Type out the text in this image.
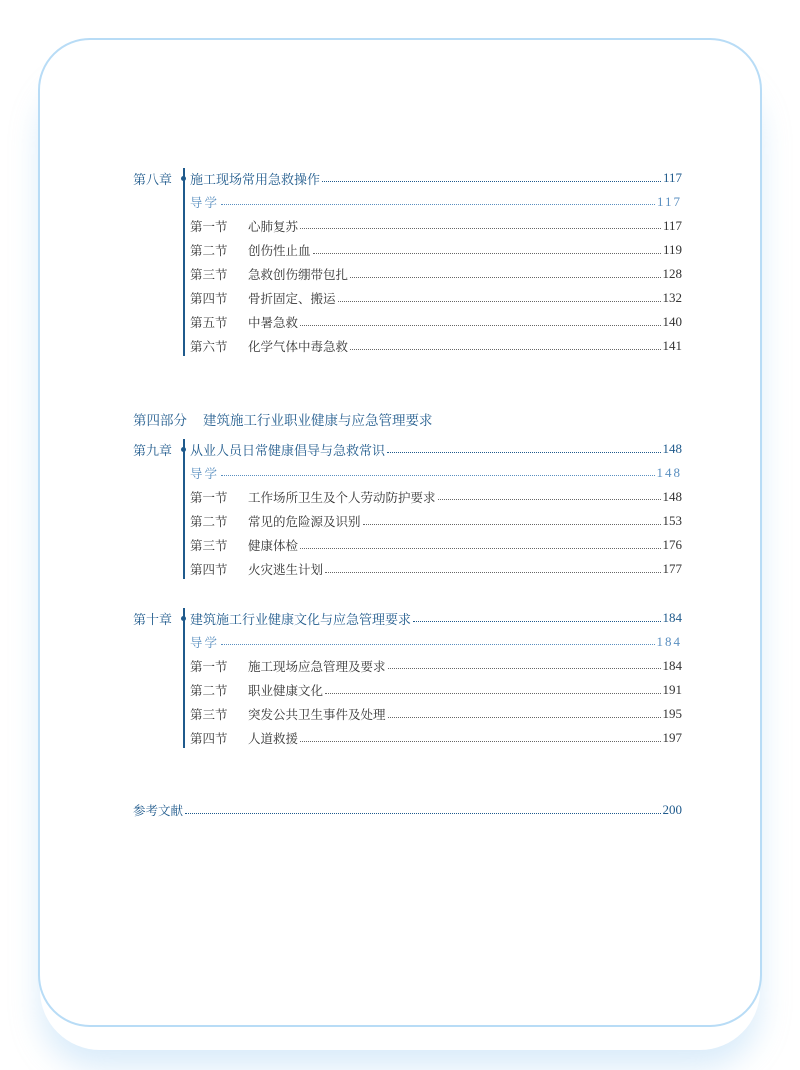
第四部分 建筑施工行业职业健康与应急管理要求
第八章	施工现场常用急救操作	117
导学	117
第一节	心肺复苏	117
第二节	创伤性止血	119
第三节	急救创伤绷带包扎	128
第四节	骨折固定、搬运	132
第五节	中暑急救	140
第六节	化学气体中毒急救	141
第九章	从业人员日常健康倡导与急救常识	148
导学	148
第一节	工作场所卫生及个人劳动防护要求	148
第二节	常见的危险源及识别	153
第三节	健康体检	176
第四节	火灾逃生计划	177
第十章	建筑施工行业健康文化与应急管理要求	184
导学	184
第一节	施工现场应急管理及要求	184
第二节	职业健康文化	191
第三节	突发公共卫生事件及处理	195
第四节	人道救援	197
参考文献	200
